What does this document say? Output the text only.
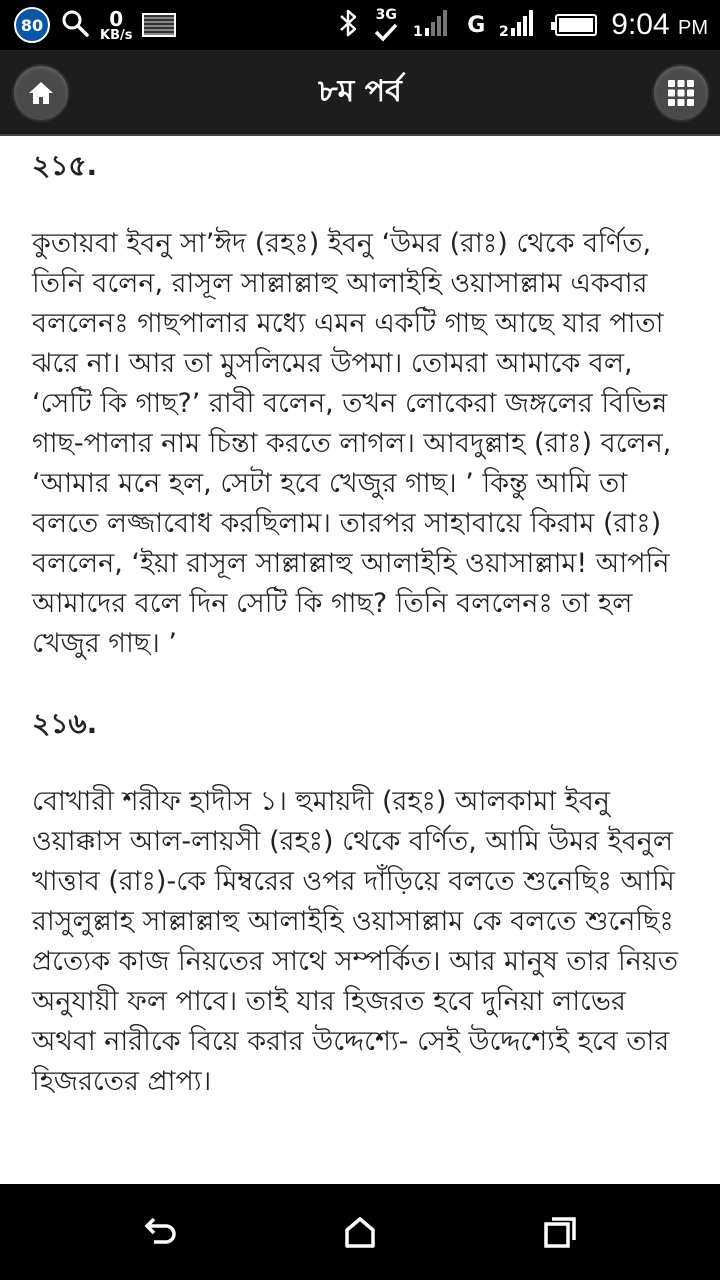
80	0
KB/s
3G
1 G 2	9:04 PM
৮ম পর্ব
২১৫.

কুতায়বা ইবনু সা’ঈদ (রহঃ) ইবনু ‘উমর (রাঃ) থেকে বর্ণিত, তিনি বলেন, রাসূল সাল্লাল্লাহু আলাইহি ওয়াসাল্লাম একবার বললেনঃ গাছপালার মধ্যে এমন একটি গাছ আছে যার পাতা ঝরে না। আর তা মুসলিমের উপমা। তোমরা আমাকে বল, ‘সেটি কি গাছ?’ রাবী বলেন, তখন লোকেরা জঙ্গলের বিভিন্ন গাছ-পালার নাম চিন্তা করতে লাগল। আবদুল্লাহ (রাঃ) বলেন, ‘আমার মনে হল, সেটা হবে খেজুর গাছ। ’ কিন্তু আমি তা বলতে লজ্জাবোধ করছিলাম। তারপর সাহাবায়ে কিরাম (রাঃ) বললেন, ‘ইয়া রাসূল সাল্লাল্লাহু আলাইহি ওয়াসাল্লাম! আপনি আমাদের বলে দিন সেটি কি গাছ? তিনি বললেনঃ তা হল খেজুর গাছ। ’

২১৬.

বোখারী শরীফ হাদীস ১। হুমায়দী (রহঃ) আলকামা ইবনু ওয়াক্কাস আল-লায়সী (রহঃ) থেকে বর্ণিত, আমি উমর ইবনুল খাত্তাব (রাঃ)-কে মিম্বরের ওপর দাঁড়িয়ে বলতে শুনেছিঃ আমি রাসুলুল্লাহ সাল্লাল্লাহু আলাইহি ওয়াসাল্লাম কে বলতে শুনেছিঃ প্রত্যেক কাজ নিয়তের সাথে সম্পর্কিত। আর মানুষ তার নিয়ত অনুযায়ী ফল পাবে। তাই যার হিজরত হবে দুনিয়া লাভের অথবা নারীকে বিয়ে করার উদ্দেশ্যে- সেই উদ্দেশ্যেই হবে তার হিজরতের প্রাপ্য।
